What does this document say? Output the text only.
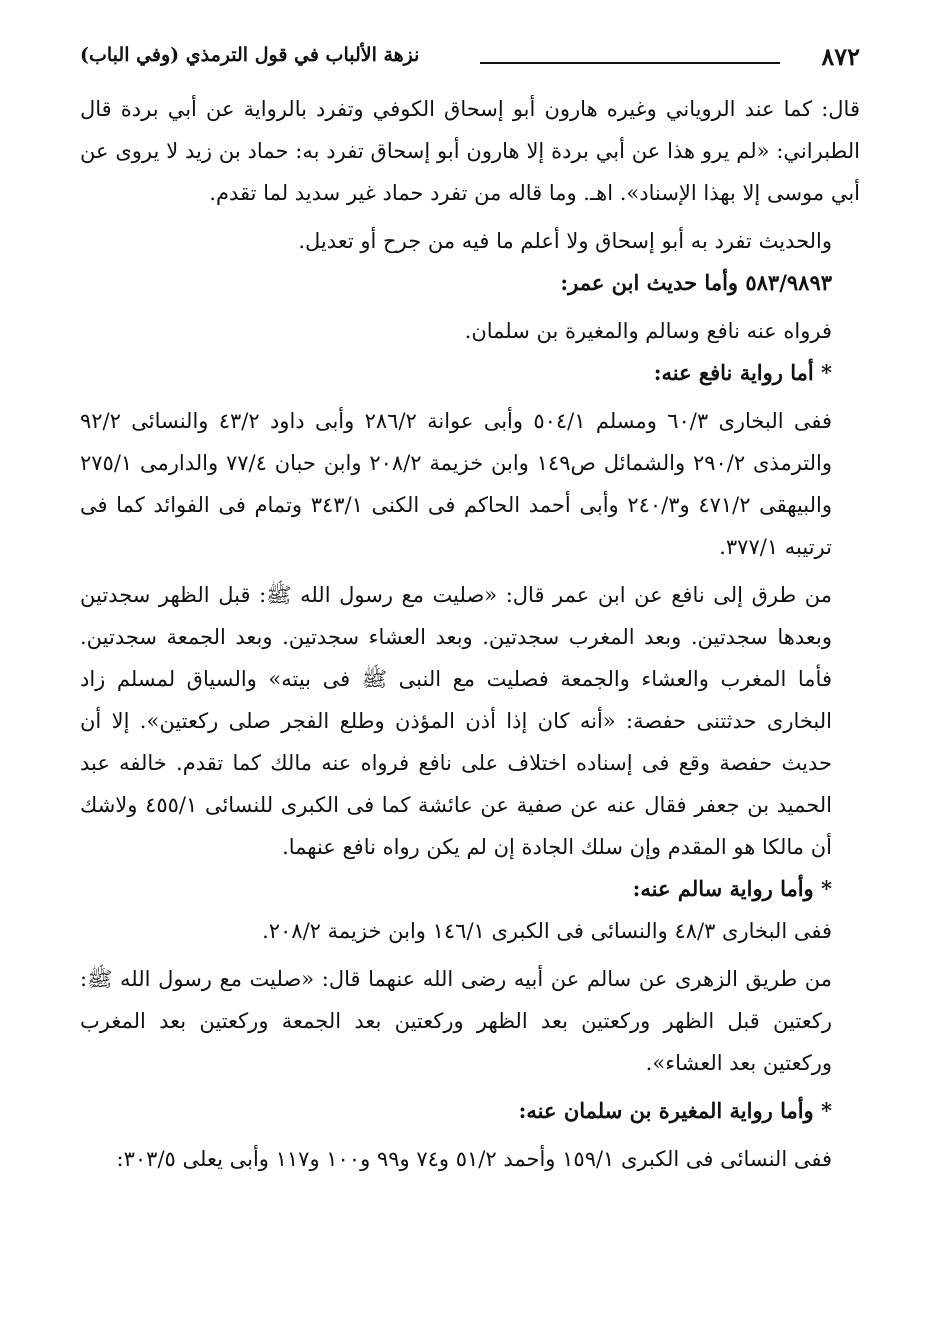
٨٧٢
نزهة الألباب في قول الترمذي (وفي الباب)

قال: كما عند الروياني وغيره هارون أبو إسحاق الكوفي وتفرد بالرواية عن أبي بردة قال الطبراني: «لم يرو هذا عن أبي بردة إلا هارون أبو إسحاق تفرد به: حماد بن زيد لا يروى عن أبي موسى إلا بهذا الإسناد». اهـ. وما قاله من تفرد حماد غير سديد لما تقدم.

والحديث تفرد به أبو إسحاق ولا أعلم ما فيه من جرح أو تعديل.

٥٨٣/٩٨٩٣ وأما حديث ابن عمر:

فرواه عنه نافع وسالم والمغيرة بن سلمان.

* أما رواية نافع عنه:

ففى البخارى ٦٠/٣ ومسلم ٥٠٤/١ وأبى عوانة ٢٨٦/٢ وأبى داود ٤٣/٢ والنسائى ٩٢/٢ والترمذى ٢٩٠/٢ والشمائل ص١٤٩ وابن خزيمة ٢٠٨/٢ وابن حبان ٧٧/٤ والدارمى ٢٧٥/١ والبيهقى ٤٧١/٢ و٢٤٠/٣ وأبى أحمد الحاكم فى الكنى ٣٤٣/١ وتمام فى الفوائد كما فى ترتيبه ٣٧٧/١.

من طرق إلى نافع عن ابن عمر قال: «صليت مع رسول الله ﷺ: قبل الظهر سجدتين وبعدها سجدتين. وبعد المغرب سجدتين. وبعد العشاء سجدتين. وبعد الجمعة سجدتين. فأما المغرب والعشاء والجمعة فصليت مع النبى ﷺ فى بيته» والسياق لمسلم زاد البخارى حدثتنى حفصة: «أنه كان إذا أذن المؤذن وطلع الفجر صلى ركعتين». إلا أن حديث حفصة وقع فى إسناده اختلاف على نافع فرواه عنه مالك كما تقدم. خالفه عبد الحميد بن جعفر فقال عنه عن صفية عن عائشة كما فى الكبرى للنسائى ٤٥٥/١ ولاشك أن مالكا هو المقدم وإن سلك الجادة إن لم يكن رواه نافع عنهما.

* وأما رواية سالم عنه:

ففى البخارى ٤٨/٣ والنسائى فى الكبرى ١٤٦/١ وابن خزيمة ٢٠٨/٢.

من طريق الزهرى عن سالم عن أبيه رضى الله عنهما قال: «صليت مع رسول الله ﷺ: ركعتين قبل الظهر وركعتين بعد الظهر وركعتين بعد الجمعة وركعتين بعد المغرب وركعتين بعد العشاء».

* وأما رواية المغيرة بن سلمان عنه:

ففى النسائى فى الكبرى ١٥٩/١ وأحمد ٥١/٢ و٧٤ و٩٩ و١٠٠ و١١٧ وأبى يعلى ٣٠٣/٥:
